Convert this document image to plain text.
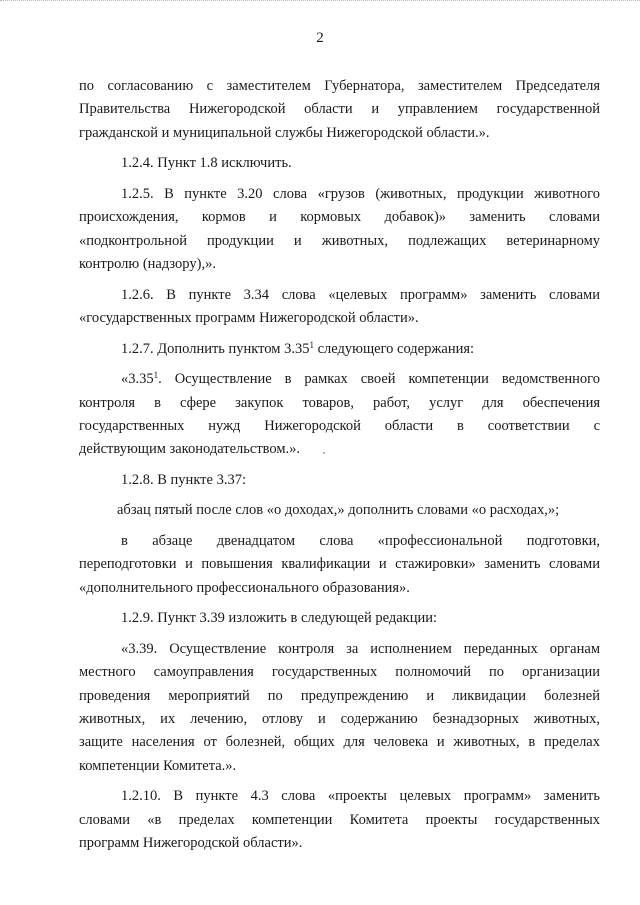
2
по согласованию с заместителем Губернатора, заместителем Председателя
Правительства Нижегородской области и управлением государственной
гражданской и муниципальной службы Нижегородской области.».
1.2.4. Пункт 1.8 исключить.
1.2.5. В пункте 3.20 слова «грузов (животных, продукции животного
происхождения, кормов и кормовых добавок)» заменить словами
«подконтрольной продукции и животных, подлежащих ветеринарному
контролю (надзору),».
1.2.6. В пункте 3.34 слова «целевых программ» заменить словами
«государственных программ Нижегородской области».
1.2.7. Дополнить пунктом 3.35$^1$ следующего содержания:
«3.35$^1$. Осуществление в рамках своей компетенции ведомственного
контроля в сфере закупок товаров, работ, услуг для обеспечения
государственных нужд Нижегородской области в соответствии с
действующим законодательством.».
1.2.8. В пункте 3.37:
абзац пятый после слов «о доходах,» дополнить словами «о расходах,»;
в абзаце двенадцатом слова «профессиональной подготовки,
переподготовки и повышения квалификации и стажировки» заменить словами
«дополнительного профессионального образования».
1.2.9. Пункт 3.39 изложить в следующей редакции:
«3.39. Осуществление контроля за исполнением переданных органам
местного самоуправления государственных полномочий по организации
проведения мероприятий по предупреждению и ликвидации болезней
животных, их лечению, отлову и содержанию безнадзорных животных,
защите населения от болезней, общих для человека и животных, в пределах
компетенции Комитета.».
1.2.10. В пункте 4.3 слова «проекты целевых программ» заменить
словами «в пределах компетенции Комитета проекты государственных
программ Нижегородской области».
